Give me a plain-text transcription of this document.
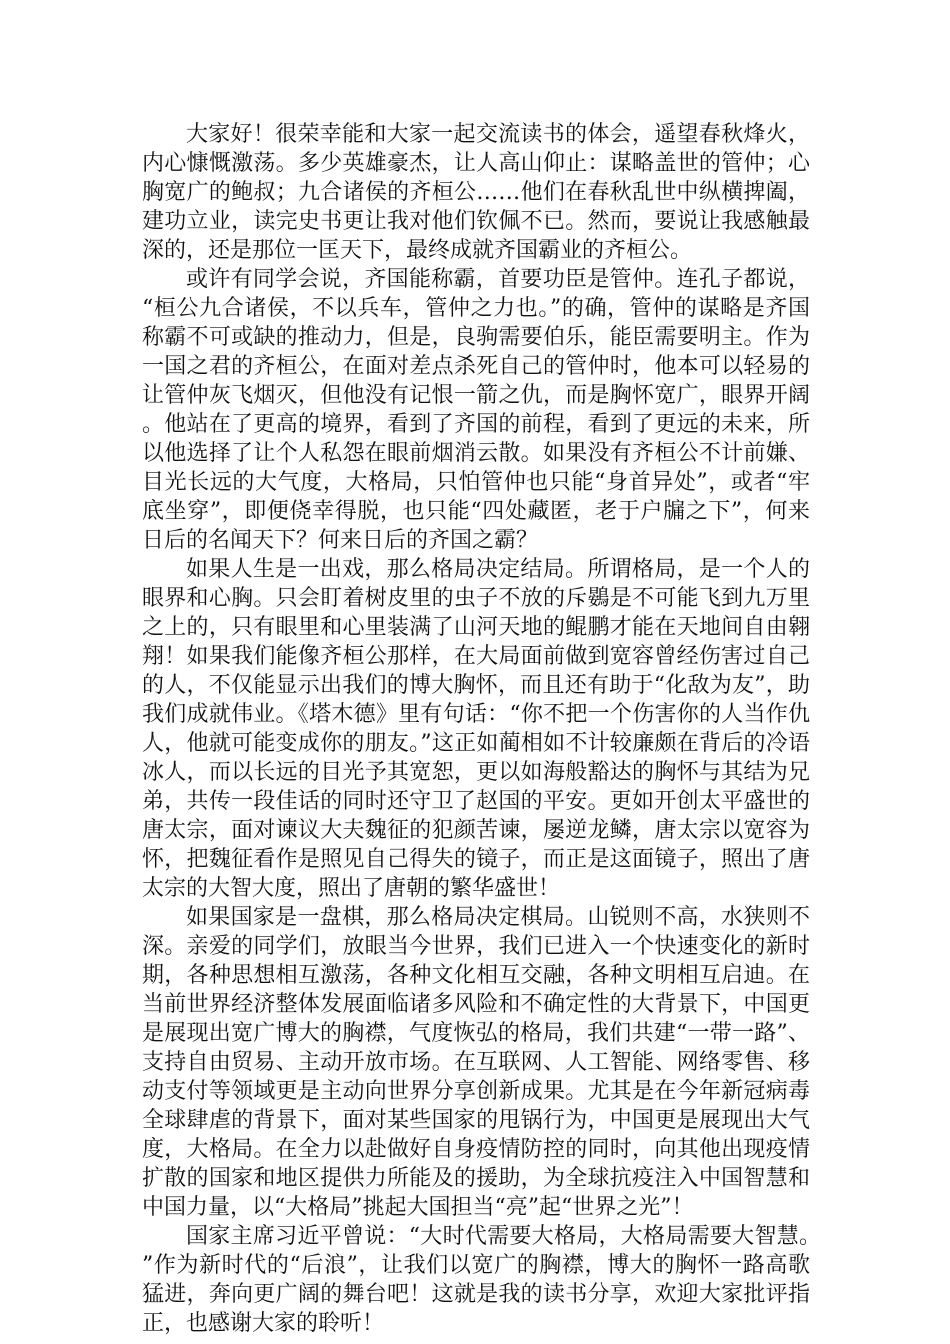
大家好！很荣幸能和大家一起交流读书的体会，遥望春秋烽火，内心慷慨激荡。多少英雄豪杰，让人高山仰止：谋略盖世的管仲；心胸宽广的鲍叔；九合诸侯的齐桓公……他们在春秋乱世中纵横捭阖，建功立业，读完史书更让我对他们钦佩不已。然而，要说让我感触最深的，还是那位一匡天下，最终成就齐国霸业的齐桓公。

或许有同学会说，齐国能称霸，首要功臣是管仲。连孔子都说，“桓公九合诸侯，不以兵车，管仲之力也。”的确，管仲的谋略是齐国称霸不可或缺的推动力，但是，良驹需要伯乐，能臣需要明主。作为一国之君的齐桓公，在面对差点杀死自己的管仲时，他本可以轻易的让管仲灰飞烟灭，但他没有记恨一箭之仇，而是胸怀宽广，眼界开阔。他站在了更高的境界，看到了齐国的前程，看到了更远的未来，所以他选择了让个人私怨在眼前烟消云散。如果没有齐桓公不计前嫌、目光长远的大气度，大格局，只怕管仲也只能“身首异处”，或者“牢底坐穿”，即便侥幸得脱，也只能“四处藏匿，老于户牖之下”，何来日后的名闻天下？何来日后的齐国之霸？

如果人生是一出戏，那么格局决定结局。所谓格局，是一个人的眼界和心胸。只会盯着树皮里的虫子不放的斥鷃是不可能飞到九万里之上的，只有眼里和心里装满了山河天地的鲲鹏才能在天地间自由翱翔！如果我们能像齐桓公那样，在大局面前做到宽容曾经伤害过自己的人，不仅能显示出我们的博大胸怀，而且还有助于“化敌为友”，助我们成就伟业。《塔木德》里有句话：“你不把一个伤害你的人当作仇人，他就可能变成你的朋友。”这正如蔺相如不计较廉颇在背后的冷语冰人，而以长远的目光予其宽恕，更以如海般豁达的胸怀与其结为兄弟，共传一段佳话的同时还守卫了赵国的平安。更如开创太平盛世的唐太宗，面对谏议大夫魏征的犯颜苦谏，屡逆龙鳞，唐太宗以宽容为怀，把魏征看作是照见自己得失的镜子，而正是这面镜子，照出了唐太宗的大智大度，照出了唐朝的繁华盛世！

如果国家是一盘棋，那么格局决定棋局。山锐则不高，水狭则不深。亲爱的同学们，放眼当今世界，我们已进入一个快速变化的新时期，各种思想相互激荡，各种文化相互交融，各种文明相互启迪。在当前世界经济整体发展面临诸多风险和不确定性的大背景下，中国更是展现出宽广博大的胸襟，气度恢弘的格局，我们共建“一带一路”、支持自由贸易、主动开放市场。在互联网、人工智能、网络零售、移动支付等领域更是主动向世界分享创新成果。尤其是在今年新冠病毒全球肆虐的背景下，面对某些国家的甩锅行为，中国更是展现出大气度，大格局。在全力以赴做好自身疫情防控的同时，向其他出现疫情扩散的国家和地区提供力所能及的援助，为全球抗疫注入中国智慧和中国力量，以“大格局”挑起大国担当“亮”起“世界之光”！

国家主席习近平曾说：“大时代需要大格局，大格局需要大智慧。”作为新时代的“后浪”，让我们以宽广的胸襟，博大的胸怀一路高歌猛进，奔向更广阔的舞台吧！这就是我的读书分享，欢迎大家批评指正，也感谢大家的聆听！
